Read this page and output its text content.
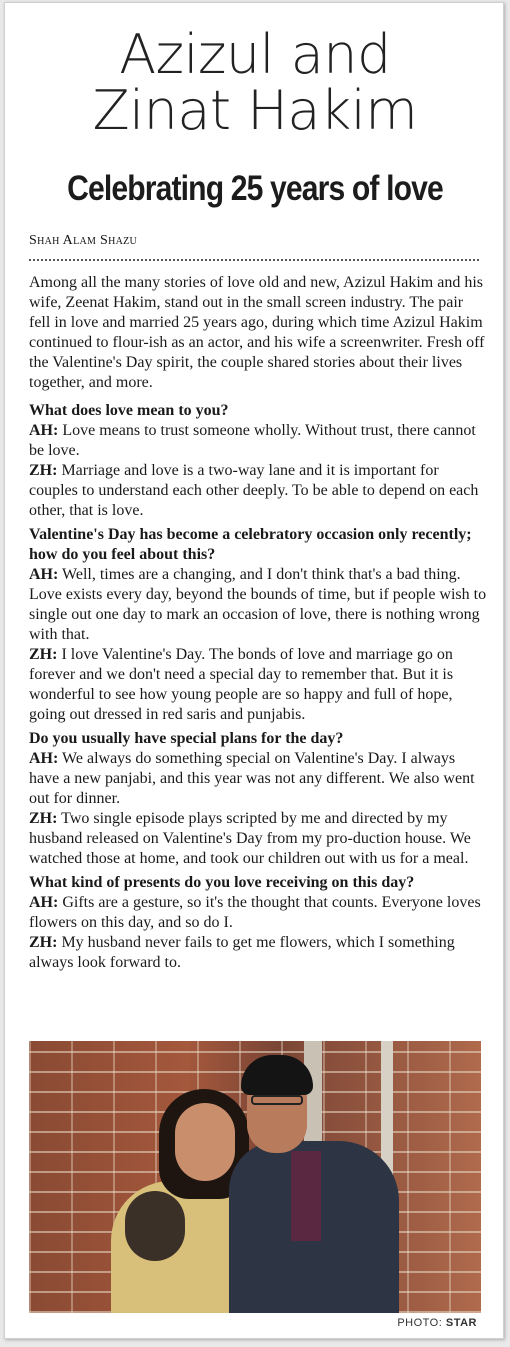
Azizul and
Zinat Hakim
Celebrating 25 years of love
Shah Alam Shazu

Among all the many stories of love old and new, Azizul Hakim and his wife, Zeenat Hakim, stand out in the small screen industry. The pair fell in love and married 25 years ago, during which time Azizul Hakim continued to flour-ish as an actor, and his wife a screenwriter. Fresh off the Valentine's Day spirit, the couple shared stories about their lives together, and more.

What does love mean to you?

AH: Love means to trust someone wholly. Without trust, there cannot be love.

ZH: Marriage and love is a two-way lane and it is important for couples to understand each other deeply. To be able to depend on each other, that is love.

Valentine's Day has become a celebratory occasion only recently; how do you feel about this?

AH: Well, times are a changing, and I don't think that's a bad thing. Love exists every day, beyond the bounds of time, but if people wish to single out one day to mark an occasion of love, there is nothing wrong with that.

ZH: I love Valentine's Day. The bonds of love and marriage go on forever and we don't need a special day to remember that. But it is wonderful to see how young people are so happy and full of hope, going out dressed in red saris and punjabis.

Do you usually have special plans for the day?

AH: We always do something special on Valentine's Day. I always have a new panjabi, and this year was not any different. We also went out for dinner.

ZH: Two single episode plays scripted by me and directed by my husband released on Valentine's Day from my pro-duction house. We watched those at home, and took our children out with us for a meal.

What kind of presents do you love receiving on this day?

AH: Gifts are a gesture, so it's the thought that counts. Everyone loves flowers on this day, and so do I.

ZH: My husband never fails to get me flowers, which I something always look forward to.

PHOTO: STAR
